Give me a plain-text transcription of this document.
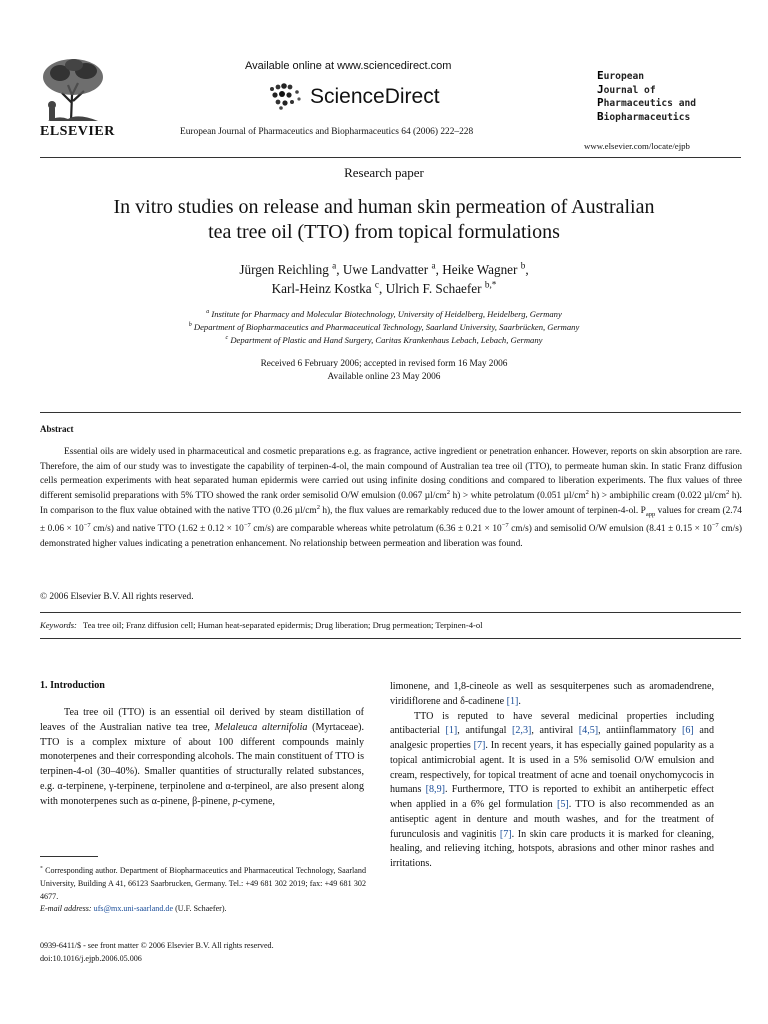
ELSEVIER
Available online at www.sciencedirect.com
ScienceDirect
European Journal of Pharmaceutics and Biopharmaceutics 64 (2006) 222–228
European
Journal of
Pharmaceutics and
Biopharmaceutics
www.elsevier.com/locate/ejpb
Research paper
In vitro studies on release and human skin permeation of Australian
tea tree oil (TTO) from topical formulations
Jürgen Reichling $^a$, Uwe Landvatter $^a$, Heike Wagner $^b$,
Karl-Heinz Kostka $^c$, Ulrich F. Schaefer $^{b,*}$
$^a$ Institute for Pharmacy and Molecular Biotechnology, University of Heidelberg, Heidelberg, Germany
$^b$ Department of Biopharmaceutics and Pharmaceutical Technology, Saarland University, Saarbrücken, Germany
$^c$ Department of Plastic and Hand Surgery, Caritas Krankenhaus Lebach, Lebach, Germany
Received 6 February 2006; accepted in revised form 16 May 2006
Available online 23 May 2006
Abstract

Essential oils are widely used in pharmaceutical and cosmetic preparations e.g. as fragrance, active ingredient or penetration enhancer. However, reports on skin absorption are rare. Therefore, the aim of our study was to investigate the capability of terpinen-4-ol, the main compound of Australian tea tree oil (TTO), to permeate human skin. In static Franz diffusion cells permeation experiments with heat separated human epidermis were carried out using infinite dosing conditions and compared to liberation experiments. The flux values of three different semisolid preparations with 5% TTO showed the rank order semisolid O/W emulsion (0.067 $\mu l/cm^2$ h) > white petrolatum (0.051 $\mu l/cm^2$ h) > ambiphilic cream (0.022 $\mu l/cm^2$ h). In comparison to the flux value obtained with the native TTO (0.26 $\mu l/cm^2$ h), the flux values are remarkably reduced due to the lower amount of terpinen-4-ol. $P_{app}$ values for cream ($2.74 \pm 0.06 \times 10^{-7}$ cm/s) and native TTO ($1.62 \pm 0.12 \times 10^{-7}$ cm/s) are comparable whereas white petrolatum ($6.36 \pm 0.21 \times 10^{-7}$ cm/s) and semisolid O/W emulsion ($8.41 \pm 0.15 \times 10^{-7}$ cm/s) demonstrated higher values indicating a penetration enhancement. No relationship between permeation and liberation was found.

© 2006 Elsevier B.V. All rights reserved.
Keywords: Tea tree oil; Franz diffusion cell; Human heat-separated epidermis; Drug liberation; Drug permeation; Terpinen-4-ol
1. Introduction

Tea tree oil (TTO) is an essential oil derived by steam distillation of leaves of the Australian native tea tree, Melaleuca alternifolia (Myrtaceae). TTO is a complex mixture of about 100 different compounds mainly monoterpenes and their corresponding alcohols. The main constituent of TTO is terpinen-4-ol (30–40%). Smaller quantities of structurally related substances, e.g. α-terpinene, γ-terpinene, terpinolene and α-terpineol, are also present along with monoterpenes such as α-pinene, β-pinene, p-cymene,

limonene, and 1,8-cineole as well as sesquiterpenes such as aromadendrene, viridiflorene and δ-cadinene [1].

TTO is reputed to have several medicinal properties including antibacterial [1], antifungal [2,3], antiviral [4,5], antiinflammatory [6] and analgesic properties [7]. In recent years, it has especially gained popularity as a topical antimicrobial agent. It is used in a 5% semisolid O/W emulsion and cream, respectively, for topical treatment of acne and toenail onychomycocis in humans [8,9]. Furthermore, TTO is reported to exhibit an antiherpetic effect when applied in a 6% gel formulation [5]. TTO is also recommended as an antiseptic agent in denture and mouth washes, and for the treatment of furunculosis and vaginitis [7]. In skin care products it is marked for cleaning, healing, and relieving itching, hotspots, abrasions and other minor rashes and irritations.

* Corresponding author. Department of Biopharmaceutics and Pharmaceutical Technology, Saarland University, Building A 41, 66123 Saarbrucken, Germany. Tel.: +49 681 302 2019; fax: +49 681 302 4677.
E-mail address: ufs@mx.uni-saarland.de (U.F. Schaefer).
0939-6411/$ - see front matter © 2006 Elsevier B.V. All rights reserved.
doi:10.1016/j.ejpb.2006.05.006
